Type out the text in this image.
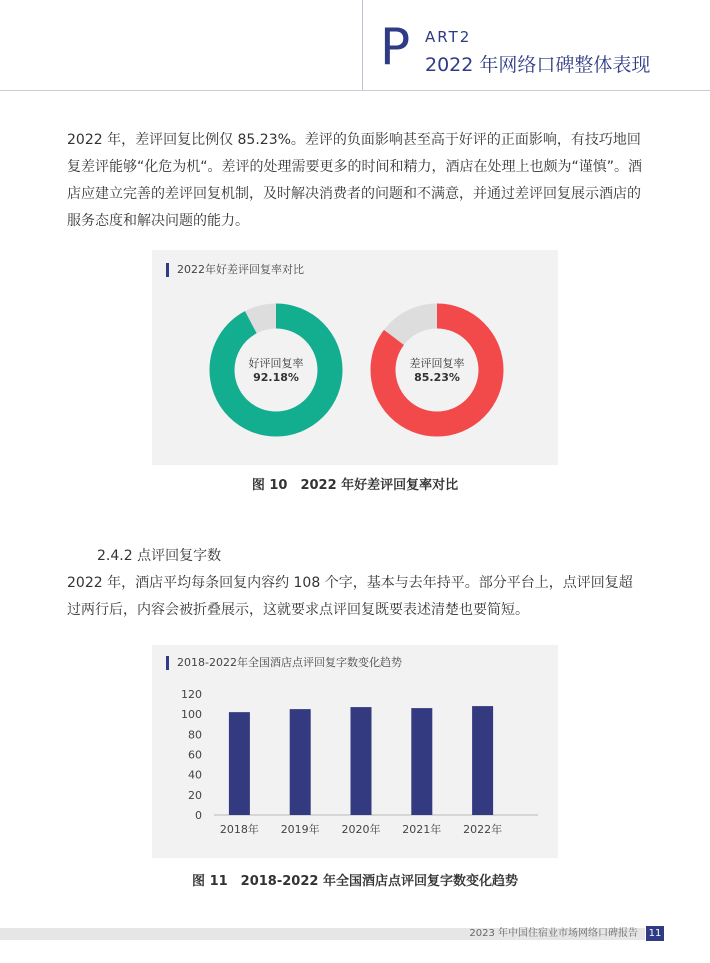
P ART2
2022 年网络口碑整体表现

2022 年，差评回复比例仅 85.23%。差评的负面影响甚至高于好评的正面影响，有技巧地回复差评能够“化危为机“。差评的处理需要更多的时间和精力，酒店在处理上也颇为“谨慎”。酒店应建立完善的差评回复机制，及时解决消费者的问题和不满意，并通过差评回复展示酒店的服务态度和解决问题的能力。

2022年好差评回复率对比
好评回复率
92.18%
差评回复率
85.23%
图 10　2022 年好差评回复率对比
2.4.2 点评回复字数

2022 年，酒店平均每条回复内容约 108 个字，基本与去年持平。部分平台上，点评回复超过两行后，内容会被折叠展示，这就要求点评回复既要表述清楚也要简短。

2018-2022年全国酒店点评回复字数变化趋势
0
20
40
60
80
100
120
2018年 2019年 2020年 2021年 2022年
图 11　2018-2022 年全国酒店点评回复字数变化趋势
2023 年中国住宿业市场网络口碑报告 11
